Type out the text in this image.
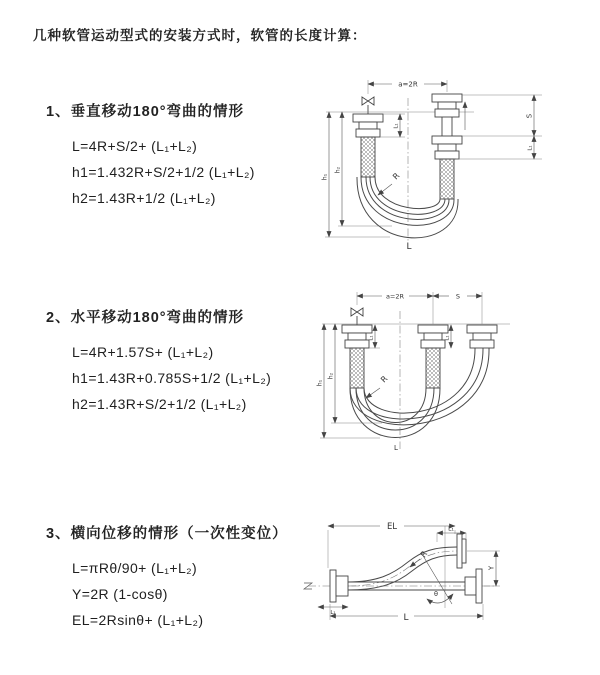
几种软管运动型式的安装方式时，软管的长度计算：
1、垂直移动180°弯曲的情形
L=4R+S/2+ (L₁+L₂)
h1=1.432R+S/2+1/2 (L₁+L₂)
h2=1.43R+1/2 (L₁+L₂)
2、水平移动180°弯曲的情形
L=4R+1.57S+ (L₁+L₂)
h1=1.43R+0.785S+1/2 (L₁+L₂)
h2=1.43R+S/2+1/2 (L₁+L₂)
3、横向位移的情形（一次性变位）
L=πRθ/90+ (L₁+L₂)
Y=2R (1-cosθ)
EL=2Rsinθ+ (L₁+L₂)
a=2R
R
h₂
h₁
S
L₁
L₁
L
a=2R	S
R
h₂
h₁
L₁	L₁
L
EL	L₁
Y
R
θ
L₁	L
